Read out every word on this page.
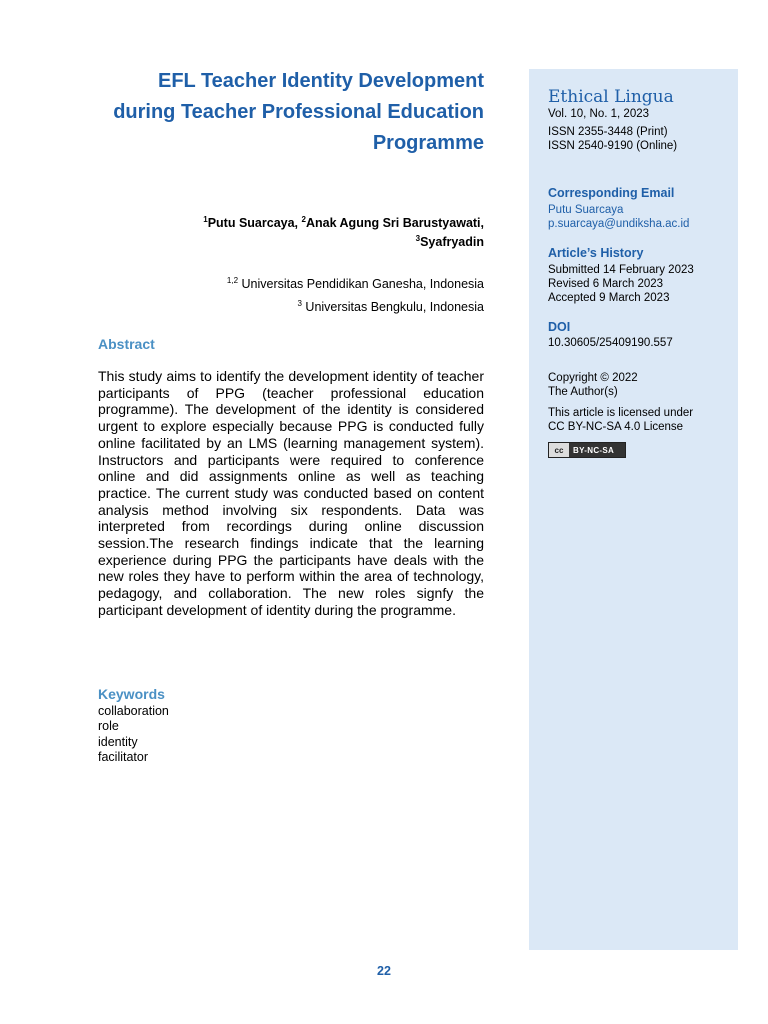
EFL Teacher Identity Development
during Teacher Professional Education
Programme
$^1$Putu Suarcaya, $^2$Anak Agung Sri Barustyawati,
$^3$Syafryadin
$^{1,2}$ Universitas Pendidikan Ganesha, Indonesia
$^3$ Universitas Bengkulu, Indonesia
Abstract
This study aims to identify the development identity of teacher participants of PPG (teacher professional education programme). The development of the identity is considered urgent to explore especially because PPG is conducted fully online facilitated by an LMS (learning management system). Instructors and participants were required to conference online and did assignments online as well as teaching practice. The current study was conducted based on content analysis method involving six respondents. Data was interpreted from recordings during online discussion session.The research findings indicate that the learning experience during PPG the participants have deals with the new roles they have to perform within the area of technology, pedagogy, and collaboration. The new roles signfy the participant development of identity during the programme.
Keywords
collaboration
role
identity
facilitator
Ethical Lingua
Vol. 10, No. 1, 2023
ISSN 2355-3448 (Print)
ISSN 2540-9190 (Online)
Corresponding Email
Putu Suarcaya
p.suarcaya@undiksha.ac.id
Article’s History
Submitted 14 February 2023
Revised 6 March 2023
Accepted 9 March 2023
DOI
10.30605/25409190.557
Copyright © 2022
The Author(s)
This article is licensed under
CC BY-NC-SA 4.0 License
cc	BY-NC-SA
22
